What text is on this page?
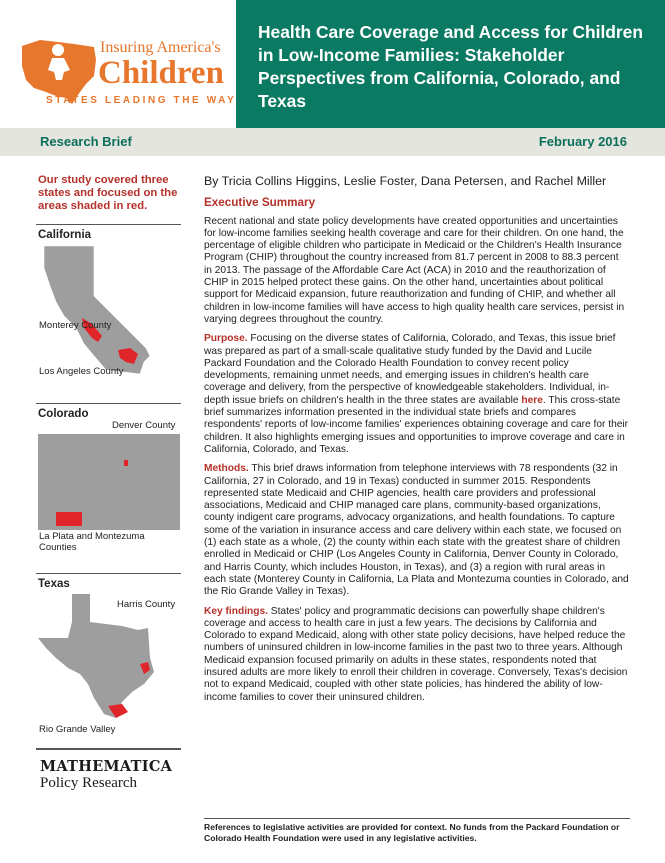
Insuring America's
Children
STATES LEADING THE WAY
Health Care Coverage and Access for Children in Low-Income Families: Stakeholder Perspectives from California, Colorado, and Texas
Research Brief	February 2016
Our study covered three states and focused on the areas shaded in red.
California
Monterey County
Los Angeles County
Colorado
Denver County
La Plata and Montezuma Counties
Texas
Harris County
Rio Grande Valley
MATHEMATICA
Policy Research
By Tricia Collins Higgins, Leslie Foster, Dana Petersen, and Rachel Miller
Executive Summary

Recent national and state policy developments have created opportunities and uncertainties for low-income families seeking health coverage and care for their children. On one hand, the percentage of eligible children who participate in Medicaid or the Children's Health Insurance Program (CHIP) throughout the country increased from 81.7 percent in 2008 to 88.3 percent in 2013. The passage of the Affordable Care Act (ACA) in 2010 and the reauthorization of CHIP in 2015 helped protect these gains. On the other hand, uncertainties about political support for Medicaid expansion, future reauthorization and funding of CHIP, and whether all children in low-income families will have access to high quality health care services, persist in varying degrees throughout the country.

Purpose. Focusing on the diverse states of California, Colorado, and Texas, this issue brief was prepared as part of a small-scale qualitative study funded by the David and Lucile Packard Foundation and the Colorado Health Foundation to convey recent policy developments, remaining unmet needs, and emerging issues in children's health care coverage and delivery, from the perspective of knowledgeable stakeholders. Individual, in-depth issue briefs on children's health in the three states are available here. This cross-state brief summarizes information presented in the individual state briefs and compares respondents' reports of low-income families' experiences obtaining coverage and care for their children. It also highlights emerging issues and opportunities to improve coverage and care in California, Colorado, and Texas.

Methods. This brief draws information from telephone interviews with 78 respondents (32 in California, 27 in Colorado, and 19 in Texas) conducted in summer 2015. Respondents represented state Medicaid and CHIP agencies, health care providers and professional associations, Medicaid and CHIP managed care plans, community-based organizations, county indigent care programs, advocacy organizations, and health foundations. To capture some of the variation in insurance access and care delivery within each state, we focused on (1) each state as a whole, (2) the county within each state with the greatest share of children enrolled in Medicaid or CHIP (Los Angeles County in California, Denver County in Colorado, and Harris County, which includes Houston, in Texas), and (3) a region with rural areas in each state (Monterey County in California, La Plata and Montezuma counties in Colorado, and the Rio Grande Valley in Texas).

Key findings. States' policy and programmatic decisions can powerfully shape children's coverage and access to health care in just a few years. The decisions by California and Colorado to expand Medicaid, along with other state policy decisions, have helped reduce the numbers of uninsured children in low-income families in the past two to three years. Although Medicaid expansion focused primarily on adults in these states, respondents noted that insured adults are more likely to enroll their children in coverage. Conversely, Texas's decision not to expand Medicaid, coupled with other state policies, has hindered the ability of low-income families to cover their uninsured children.

References to legislative activities are provided for context. No funds from the Packard Foundation or Colorado Health Foundation were used in any legislative activities.
